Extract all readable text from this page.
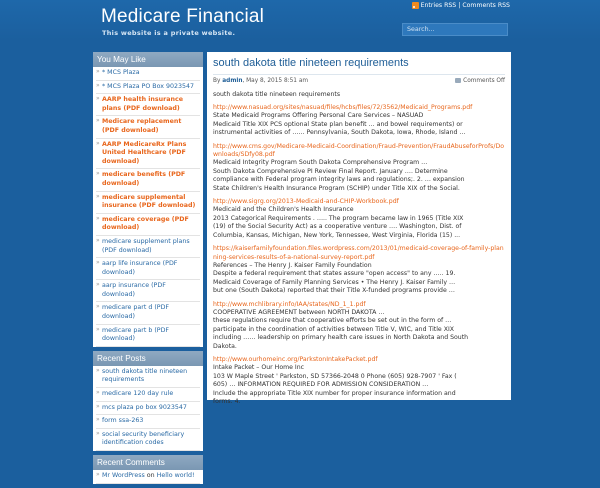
Medicare Financial
This website is a private website.
Entries RSS | Comments RSS
Search...
You May Like
» * MCS Plaza
» * MCS Plaza PO Box 9023547
» AARP health insurance plans (PDF download)
» Medicare replacement (PDF download)
» AARP MedicareRx Plans United Healthcare (PDF download)
» medicare benefits (PDF download)
» medicare supplemental insurance (PDF download)
» medicare coverage (PDF download)
» medicare supplement plans (PDF download)
» aarp life insurance (PDF download)
» aarp insurance (PDF download)
» medicare part d (PDF download)
» medicare part b (PDF download)
Recent Posts
» south dakota title nineteen requirements
» medicare 120 day rule
» mcs plaza po box 9023547
» form ssa-263
» social security beneficiary identification codes
Recent Comments
» Mr WordPress on Hello world!
south dakota title nineteen requirements
By admin, May 8, 2015 8:51 am	Comments Off
south dakota title nineteen requirements
http://www.nasuad.org/sites/nasuad/files/hcbs/files/72/3562/Medicaid_Programs.pdf
State Medicaid Programs Offering Personal Care Services – NASUAD
Medicaid Title XIX PCS optional State plan benefit … and bowel requirements) or
instrumental activities of …… Pennsylvania, South Dakota, Iowa, Rhode, Island …
http://www.cms.gov/Medicare-Medicaid-Coordination/Fraud-Prevention/FraudAbuseforProfs/Downloads/SDfy08.pdf
Medicaid Integrity Program South Dakota Comprehensive Program …
South Dakota Comprehensive PI Review Final Report. January …. Determine
compliance with Federal program integrity laws and regulations;. 2. … expansion
State Children's Health Insurance Program (SCHIP) under Title XIX of the Social.
http://www.sigrg.org/2013-Medicaid-and-CHIP-Workbook.pdf
Medicaid and the Children's Health Insurance
2013 Categorical Requirements . ….. The program became law in 1965 (Title XIX
(19) of the Social Security Act) as a cooperative venture …. Washington, Dist. of
Columbia, Kansas, Michigan, New York, Tennessee, West Virginia, Florida (15) ...
https://kaiserfamilyfoundation.files.wordpress.com/2013/01/medicaid-coverage-of-family-planning-services-results-of-a-national-survey-report.pdf
References – The Henry J. Kaiser Family Foundation
Despite a federal requirement that states assure "open access" to any ….. 19.
Medicaid Coverage of Family Planning Services • The Henry J. Kaiser Family …
but one (South Dakota) reported that their Title X-funded programs provide …
http://www.mchlibrary.info/IAA/states/ND_1_1.pdf
COOPERATIVE AGREEMENT between NORTH DAKOTA …
these regulations require that cooperative efforts be set out in the form of …
participate in the coordination of activities between Title V, WIC, and Title XIX
including …… leadership on primary health care issues in North Dakota and South
Dakota.
http://www.ourhomeinc.org/ParkstonIntakePacket.pdf
Intake Packet – Our Home Inc
103 W Maple Street ' Parkston, SD 57366-2048 0 Phone (605) 928-7907 ' Fax (
605) … INFORMATION REQUIRED FOR ADMISSION CONSIDERATION …
Include the appropriate Title XIX number for proper insurance information and
forms. 4.
